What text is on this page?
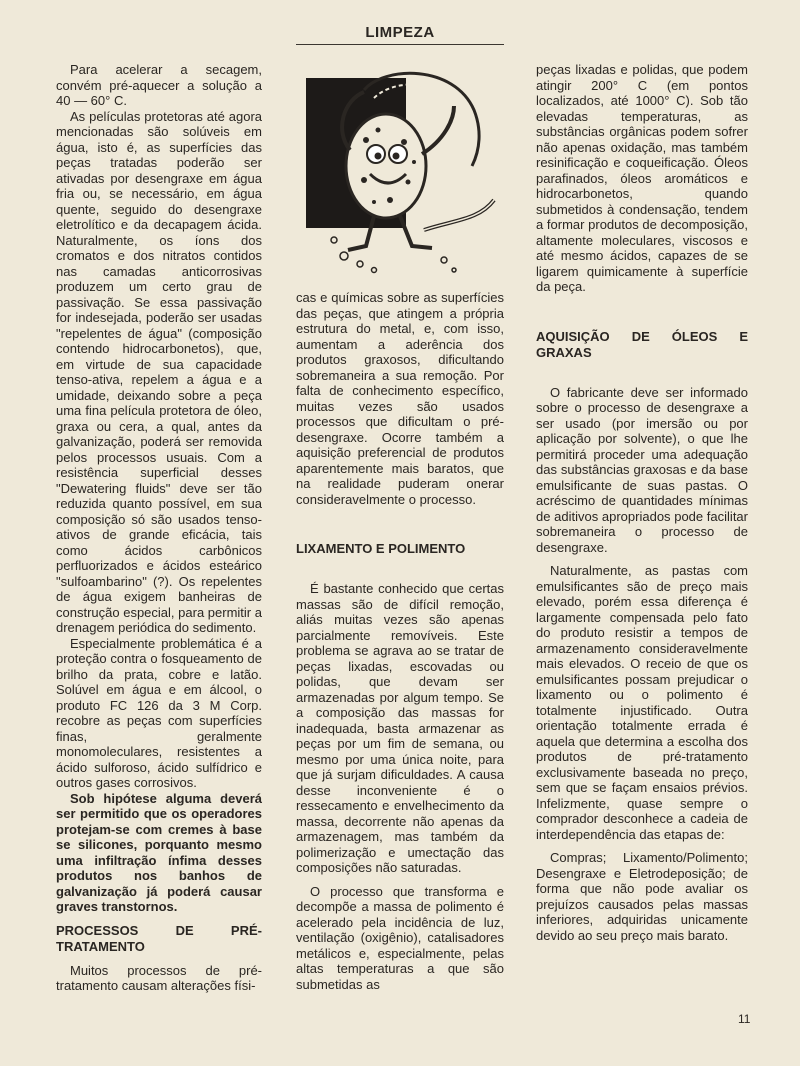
LIMPEZA

Para acelerar a secagem, convém pré-aquecer a solução a 40 — 60° C.

As películas protetoras até agora mencionadas são solúveis em água, isto é, as superfícies das peças tratadas poderão ser ativadas por desengraxe em água fria ou, se necessário, em água quente, seguido do desengraxe eletrolítico e da decapagem ácida. Naturalmente, os íons dos cromatos e dos nitratos contidos nas camadas anticorrosivas produzem um certo grau de passivação. Se essa passivação for indesejada, poderão ser usadas "repelentes de água" (composição contendo hidrocarbonetos), que, em virtude de sua capacidade tenso-ativa, repelem a água e a umidade, deixando sobre a peça uma fina película protetora de óleo, graxa ou cera, a qual, antes da galvanização, poderá ser removida pelos processos usuais. Com a resistência superficial desses "Dewatering fluids" deve ser tão reduzida quanto possível, em sua composição só são usados tenso-ativos de grande eficácia, tais como ácidos carbônicos perfluorizados e ácidos esteárico "sulfoambarino" (?). Os repelentes de água exigem banheiras de construção especial, para permitir a drenagem periódica do sedimento.

Especialmente problemática é a proteção contra o fosqueamento de brilho da prata, cobre e latão. Solúvel em água e em álcool, o produto FC 126 da 3 M Corp. recobre as peças com superfícies finas, geralmente monomoleculares, resistentes a ácido sulforoso, ácido sulfídrico e outros gases corrosivos.

Sob hipótese alguma deverá ser permitido que os operadores protejam-se com cremes à base se silicones, porquanto mesmo uma infiltração ínfima desses produtos nos banhos de galvanização já poderá causar graves transtornos.

PROCESSOS DE PRÉ-TRATAMENTO

Muitos processos de pré-tratamento causam alterações físi-

cas e químicas sobre as superfícies das peças, que atingem a própria estrutura do metal, e, com isso, aumentam a aderência dos produtos graxosos, dificultando sobremaneira a sua remoção. Por falta de conhecimento específico, muitas vezes são usados processos que dificultam o pré-desengraxe. Ocorre também a aquisição preferencial de produtos aparentemente mais baratos, que na realidade puderam onerar consideravelmente o processo.

LIXAMENTO E POLIMENTO

É bastante conhecido que certas massas são de difícil remoção, aliás muitas vezes são apenas parcialmente removíveis. Este problema se agrava ao se tratar de peças lixadas, escovadas ou polidas, que devam ser armazenadas por algum tempo. Se a composição das massas for inadequada, basta armazenar as peças por um fim de semana, ou mesmo por uma única noite, para que já surjam dificuldades. A causa desse inconveniente é o ressecamento e envelhecimento da massa, decorrente não apenas da armazenagem, mas também da polimerização e umectação das composições não saturadas.

O processo que transforma e decompõe a massa de polimento é acelerado pela incidência de luz, ventilação (oxigênio), catalisadores metálicos e, especialmente, pelas altas temperaturas a que são submetidas as

peças lixadas e polidas, que podem atingir 200° C (em pontos localizados, até 1000° C). Sob tão elevadas temperaturas, as substâncias orgânicas podem sofrer não apenas oxidação, mas também resinificação e coqueificação. Óleos parafinados, óleos aromáticos e hidrocarbonetos, quando submetidos à condensação, tendem a formar produtos de decomposição, altamente moleculares, viscosos e até mesmo ácidos, capazes de se ligarem quimicamente à superfície da peça.

AQUISIÇÃO DE ÓLEOS E GRAXAS

O fabricante deve ser informado sobre o processo de desengraxe a ser usado (por imersão ou por aplicação por solvente), o que lhe permitirá proceder uma adequação das substâncias graxosas e da base emulsificante de suas pastas. O acréscimo de quantidades mínimas de aditivos apropriados pode facilitar sobremaneira o processo de desengraxe.

Naturalmente, as pastas com emulsificantes são de preço mais elevado, porém essa diferença é largamente compensada pelo fato do produto resistir a tempos de armazenamento consideravelmente mais elevados. O receio de que os emulsificantes possam prejudicar o lixamento ou o polimento é totalmente injustificado. Outra orientação totalmente errada é aquela que determina a escolha dos produtos de pré-tratamento exclusivamente baseada no preço, sem que se façam ensaios prévios. Infelizmente, quase sempre o comprador desconhece a cadeia de interdependência das etapas de:

Compras; Lixamento/Polimento; Desengraxe e Eletrodeposição; de forma que não pode avaliar os prejuízos causados pelas massas inferiores, adquiridas unicamente devido ao seu preço mais barato.

11
